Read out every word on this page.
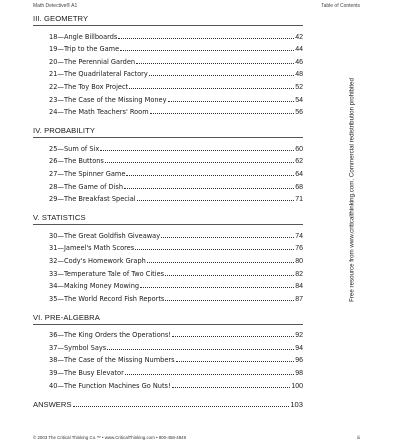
Math Detective® A1	Table of Contents
III. GEOMETRY
18—Angle Billboards	42
19—Trip to the Game	44
20—The Perennial Garden	46
21—The Quadrilateral Factory	48
22—The Toy Box Project	52
23—The Case of the Missing Money	54
24—The Math Teachers' Room	56
IV. PROBABILITY
25—Sum of Six	60
26—The Buttons	62
27—The Spinner Game	64
28—The Game of Dish	68
29—The Breakfast Special	71
V. STATISTICS
30—The Great Goldfish Giveaway	74
31—Jameel's Math Scores	76
32—Cody's Homework Graph	80
33—Temperature Tale of Two Cities	82
34—Making Money Mowing	84
35—The World Record Fish Reports	87
VI. PRE-ALGEBRA
36—The King Orders the Operations!	92
37—Symbol Says	94
38—The Case of the Missing Numbers	96
39—The Busy Elevator	98
40—The Function Machines Go Nuts!	100
ANSWERS	103
Free resource from www.criticalthinking.com. Commercial redistribution prohibited
© 2003 The Critical Thinking Co.™ • www.CriticalThinking.com • 800-458-4849	iii
